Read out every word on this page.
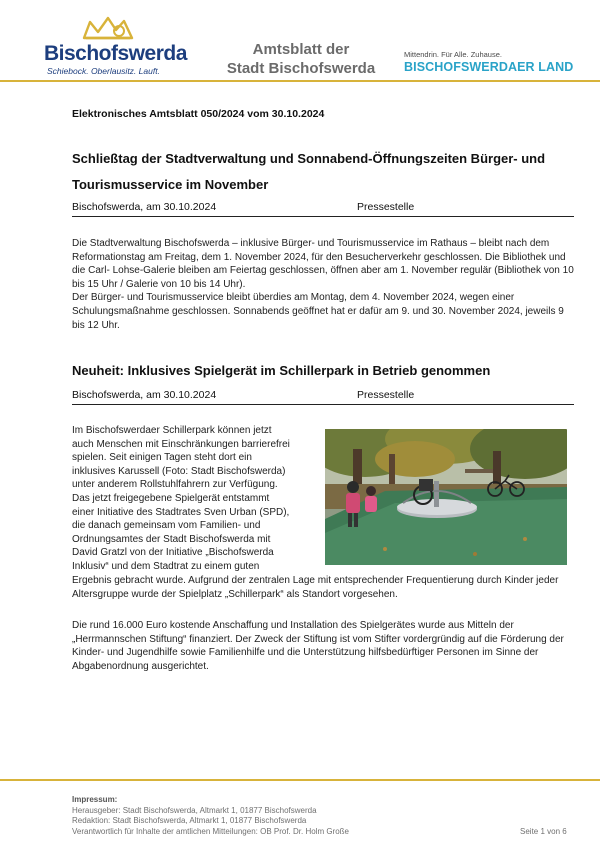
Bischofswerda
Schiebock. Oberlausitz. Lauft.
Amtsblatt der
Stadt Bischofswerda
Mittendrin. Für Alle. Zuhause.
BISCHOFSWERDAER LAND
Elektronisches Amtsblatt 050/2024 vom 30.10.2024
Schließtag der Stadtverwaltung und Sonnabend-Öffnungszeiten Bürger- und Tourismusservice im November
Bischofswerda, am 30.10.2024	Pressestelle
Die Stadtverwaltung Bischofswerda – inklusive Bürger- und Tourismusservice im Rathaus – bleibt nach dem Reformationstag am Freitag, dem 1. November 2024, für den Besucherverkehr geschlossen. Die Bibliothek und die Carl- Lohse-Galerie bleiben am Feiertag geschlossen, öffnen aber am 1. November regulär (Bibliothek von 10 bis 15 Uhr / Galerie von 10 bis 14 Uhr).
Der Bürger- und Tourismusservice bleibt überdies am Montag, dem 4. November 2024, wegen einer Schulungsmaßnahme geschlossen. Sonnabends geöffnet hat er dafür am 9. und 30. November 2024, jeweils 9 bis 12 Uhr.
Neuheit: Inklusives Spielgerät im Schillerpark in Betrieb genommen
Bischofswerda, am 30.10.2024	Pressestelle
Im Bischofswerdaer Schillerpark können jetzt
auch Menschen mit Einschränkungen barrierefrei
spielen. Seit einigen Tagen steht dort ein
inklusives Karussell (Foto: Stadt Bischofswerda)
unter anderem Rollstuhlfahrern zur Verfügung.
Das jetzt freigegebene Spielgerät entstammt
einer Initiative des Stadtrates Sven Urban (SPD),
die danach gemeinsam vom Familien- und
Ordnungsamtes der Stadt Bischofswerda mit
David Gratzl von der Initiative „Bischofswerda
Inklusiv“ und dem Stadtrat zu einem guten
Ergebnis gebracht wurde. Aufgrund der zentralen Lage mit entsprechender Frequentierung durch Kinder jeder Altersgruppe wurde der Spielplatz „Schillerpark“ als Standort vorgesehen.
Die rund 16.000 Euro kostende Anschaffung und Installation des Spielgerätes wurde aus Mitteln der „Herrmannschen Stiftung“ finanziert. Der Zweck der Stiftung ist vom Stifter vordergründig auf die Förderung der Kinder- und Jugendhilfe sowie Familienhilfe und die Unterstützung hilfsbedürftiger Personen im Sinne der Abgabenordnung ausgerichtet.
Impressum:
Herausgeber: Stadt Bischofswerda, Altmarkt 1, 01877 Bischofswerda
Redaktion: Stadt Bischofswerda, Altmarkt 1, 01877 Bischofswerda
Verantwortlich für Inhalte der amtlichen Mitteilungen: OB Prof. Dr. Holm Große	Seite 1 von 6
